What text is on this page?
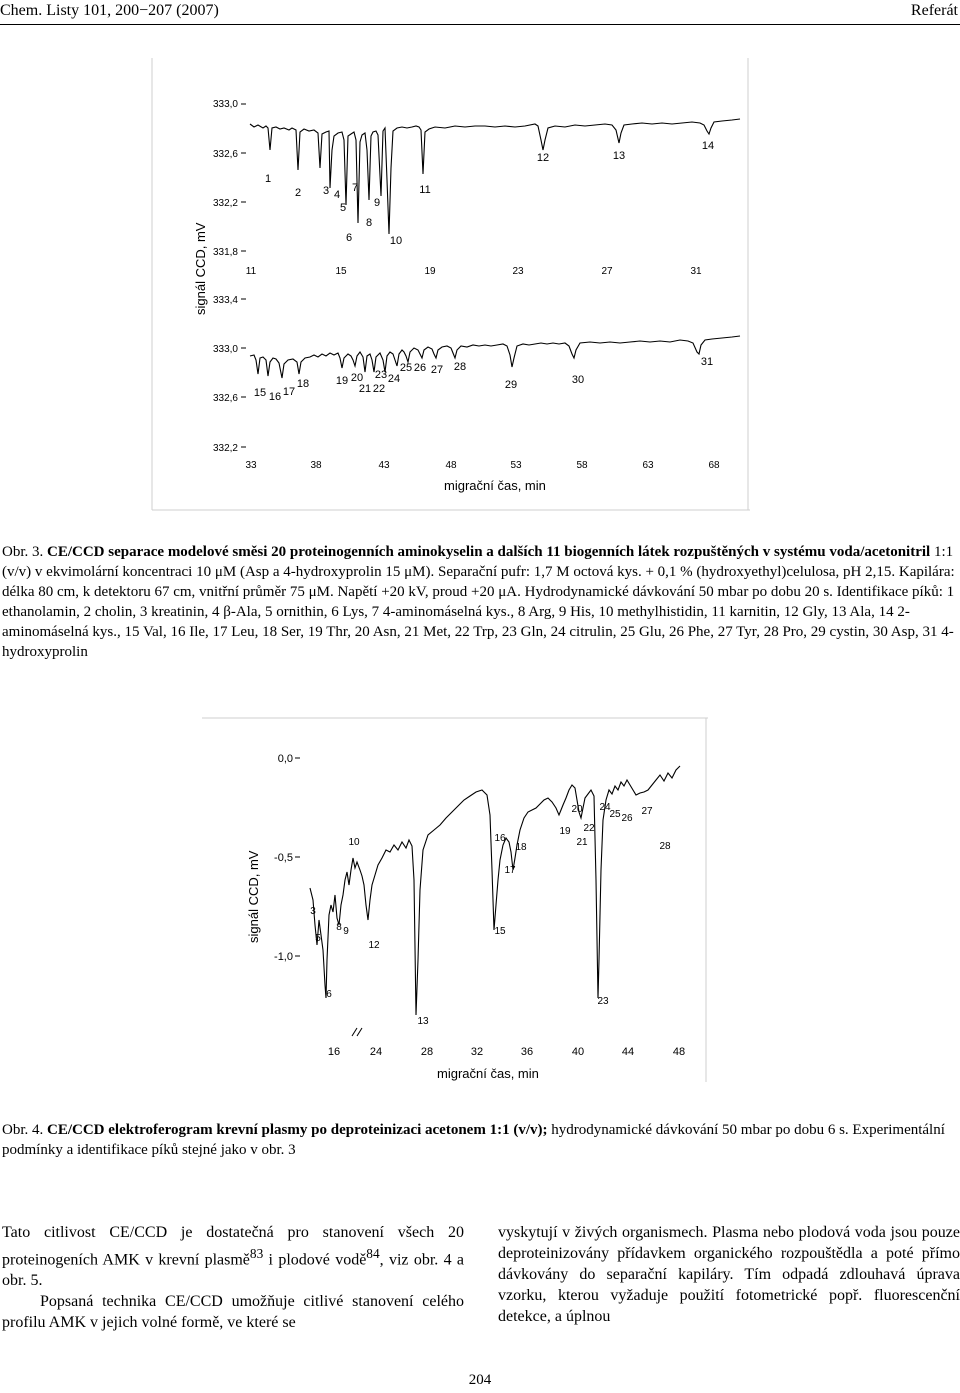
Chem. Listy 101, 200−207 (2007)	Referát
signál CCD, mV
migrační čas, min
333,0
332,6
332,2
331,8
333,4
333,0
332,6
332,2
11	15	19	23	27	31
33	38	43	48	53	58	63	68
1
2 3 4
5
6
7
8
9
10
11
12	13
14
15 16 17
18 19 20
21 22
23 24
25 26 27 28
29	30
31
Obr. 3. CE/CCD separace modelové směsi 20 proteinogenních aminokyselin a dalších 11 biogenních látek rozpuštěných v systému voda/acetonitril 1:1 (v/v) v ekvimolární koncentraci 10 μM (Asp a 4-hydroxyprolin 15 μM). Separační pufr: 1,7 M octová kys. + 0,1 % (hydroxyethyl)celulosa, pH 2,15. Kapilára: délka 80 cm, k detektoru 67 cm, vnitřní průměr 75 μM. Napětí +20 kV, proud +20 μA. Hydrodynamické dávkování 50 mbar po dobu 20 s. Identifikace píků: 1 ethanolamin, 2 cholin, 3 kreatinin, 4 β-Ala, 5 ornithin, 6 Lys, 7 4-aminomáselná kys., 8 Arg, 9 His, 10 methylhistidin, 11 karnitin, 12 Gly, 13 Ala, 14 2-aminomáselná kys., 15 Val, 16 Ile, 17 Leu, 18 Ser, 19 Thr, 20 Asn, 21 Met, 22 Trp, 23 Gln, 24 citrulin, 25 Glu, 26 Phe, 27 Tyr, 28 Pro, 29 cystin, 30 Asp, 31 4-hydroxyprolin
signál CCD, mV
migrační čas, min
0,0
-0,5
-1,0
16	24	28	32	36	40	44	48
3
5
6
8 9
10
12
13
15
16
17
18
19
20
21
22
23
24
25 26
27
28
Obr. 4. CE/CCD elektroferogram krevní plasmy po deproteinizaci acetonem 1:1 (v/v); hydrodynamické dávkování 50 mbar po dobu 6 s. Experimentální podmínky a identifikace píků stejné jako v obr. 3

Tato citlivost CE/CCD je dostatečná pro stanovení všech 20 proteinogeních AMK v krevní plasmě$^{83}$ i plodové vodě$^{84}$, viz obr. 4 a obr. 5.

Popsaná technika CE/CCD umožňuje citlivé stanovení celého profilu AMK v jejich volné formě, ve které se

vyskytují v živých organismech. Plasma nebo plodová voda jsou pouze deproteinizovány přídavkem organického rozpouštědla a poté přímo dávkovány do separační kapiláry. Tím odpadá zdlouhavá úprava vzorku, kterou vyžaduje použití fotometrické popř. fluorescenční detekce, a úplnou

204
